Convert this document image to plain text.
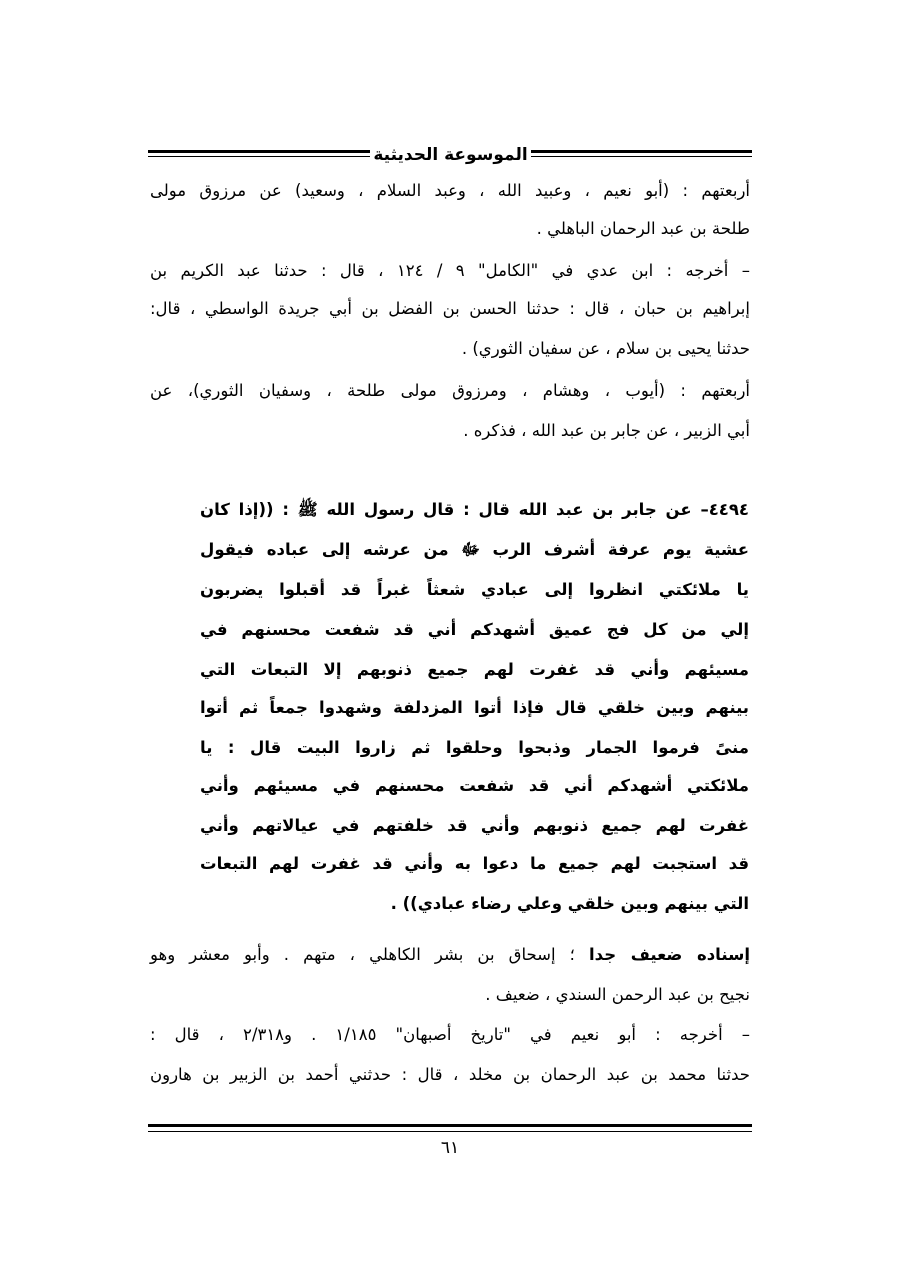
الموسوعة الحديثية
أربعتهم : (أبو نعيم ، وعبيد الله ، وعبد السلام ، وسعيد) عن مرزوق مولى
طلحة بن عبد الرحمان الباهلي .
– أخرجه : ابن عدي في "الكامل" ٩ / ١٢٤ ، قال : حدثنا عبد الكريم بن
إبراهيم بن حبان ، قال : حدثنا الحسن بن الفضل بن أبي جريدة الواسطي ، قال:
حدثنا يحيى بن سلام ، عن سفيان الثوري) .
أربعتهم : (أيوب ، وهشام ، ومرزوق مولى طلحة ، وسفيان الثوري)، عن
أبي الزبير ، عن جابر بن عبد الله ، فذكره .
٤٤٩٤– عن جابر بن عبد الله قال : قال رسول الله ﷺ : ((إذا كان
عشية يوم عرفة أشرف الرب ﷻ من عرشه إلى عباده فيقول
يا ملائكتي انظروا إلى عبادي شعثاً غبراً قد أقبلوا يضربون
إلي من كل فج عميق أشهدكم أني قد شفعت محسنهم في
مسيئهم وأني قد غفرت لهم جميع ذنوبهم إلا التبعات التي
بينهم وبين خلقي قال فإذا أتوا المزدلفة وشهدوا جمعاً ثم أتوا
منىً فرموا الجمار وذبحوا وحلقوا ثم زاروا البيت قال : يا
ملائكتي أشهدكم أني قد شفعت محسنهم في مسيئهم وأني
غفرت لهم جميع ذنوبهم وأني قد خلفتهم في عيالاتهم وأني
قد استجبت لهم جميع ما دعوا به وأني قد غفرت لهم التبعات
التي بينهم وبين خلقي وعلي رضاء عبادي)) .
إسناده ضعيف جدا ؛ إسحاق بن بشر الكاهلي ، متهم . وأبو معشر وهو
نجيح بن عبد الرحمن السندي ، ضعيف .
– أخرجه : أبو نعيم في "تاريخ أصبهان" ١/١٨٥ . و٢/٣١٨ ، قال :
حدثنا محمد بن عبد الرحمان بن مخلد ، قال : حدثني أحمد بن الزبير بن هارون
٦١
